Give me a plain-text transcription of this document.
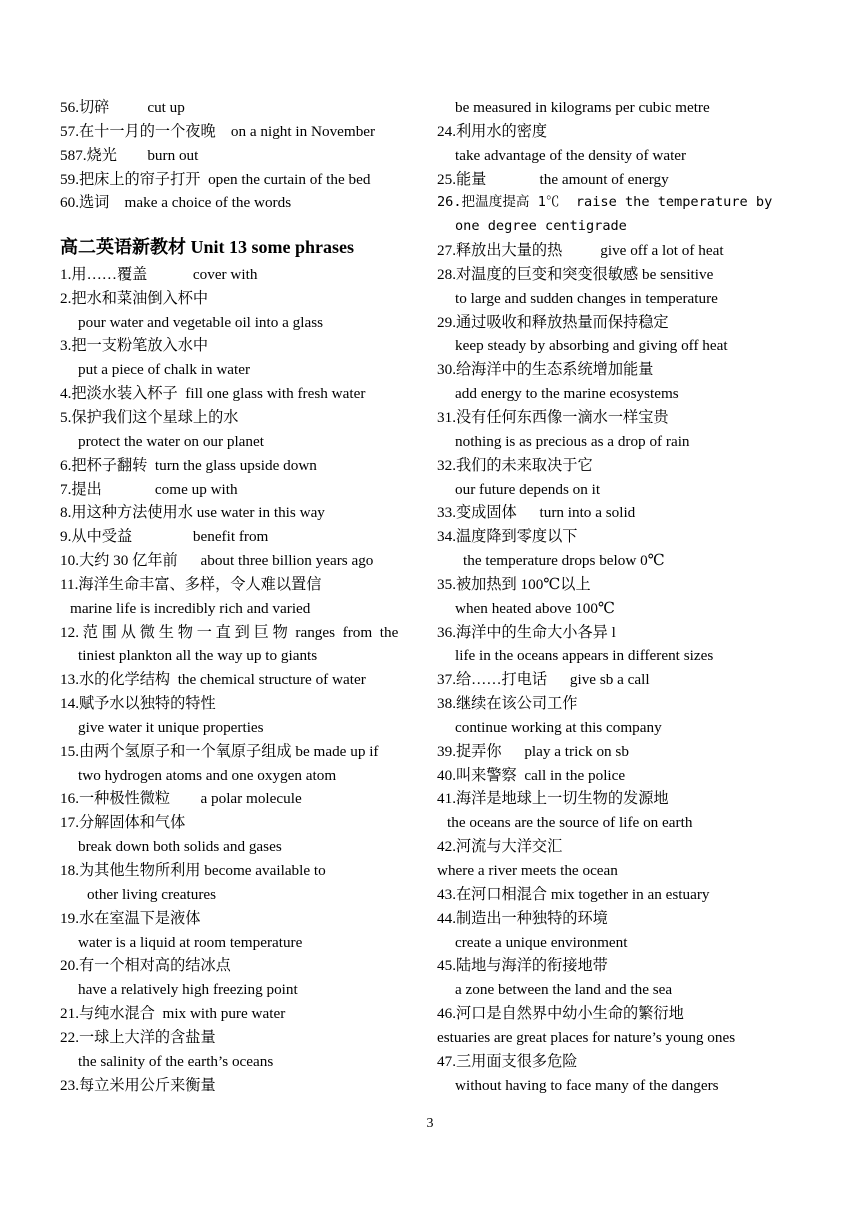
56.切碎          cut up
57.在十一月的一个夜晚    on a night in November
587.烧光        burn out
59.把床上的帘子打开  open the curtain of the bed
60.选词    make a choice of the words
高二英语新教材 Unit 13 some phrases
1.用……覆盖            cover with
2.把水和菜油倒入杯中
pour water and vegetable oil into a glass
3.把一支粉笔放入水中
put a piece of chalk in water
4.把淡水装入杯子  fill one glass with fresh water
5.保护我们这个星球上的水
protect the water on our planet
6.把杯子翻转  turn the glass upside down
7.提出              come up with
8.用这种方法使用水 use water in this way
9.从中受益                benefit from
10.大约 30 亿年前      about three billion years ago
11.海洋生命丰富、多样，令人难以置信
marine life is incredibly rich and varied
12. 范 围 从 微 生 物 一 直 到 巨 物  ranges  from  the
tiniest plankton all the way up to giants
13.水的化学结构  the chemical structure of water
14.赋予水以独特的特性
give water it unique properties
15.由两个氢原子和一个氧原子组成 be made up if
two hydrogen atoms and one oxygen atom
16.一种极性微粒        a polar molecule
17.分解固体和气体
break down both solids and gases
18.为其他生物所利用 become available to
other living creatures
19.水在室温下是液体
water is a liquid at room temperature
20.有一个相对高的结冰点
have a relatively high freezing point
21.与纯水混合  mix with pure water
22.一球上大洋的含盐量
the salinity of the earth’s oceans
23.每立米用公斤来衡量
be measured in kilograms per cubic metre
24.利用水的密度
take advantage of the density of water
25.能量              the amount of energy
26.把温度提高 1℃  raise the temperature by
one degree centigrade
27.释放出大量的热          give off a lot of heat
28.对温度的巨变和突变很敏感 be sensitive
to large and sudden changes in temperature
29.通过吸收和释放热量而保持稳定
keep steady by absorbing and giving off heat
30.给海洋中的生态系统增加能量
add energy to the marine ecosystems
31.没有任何东西像一滴水一样宝贵
nothing is as precious as a drop of rain
32.我们的未来取决于它
our future depends on it
33.变成固体      turn into a solid
34.温度降到零度以下
the temperature drops below 0℃
35.被加热到 100℃以上
when heated above 100℃
36.海洋中的生命大小各异 l
life in the oceans appears in different sizes
37.给……打电话      give sb a call
38.继续在该公司工作
continue working at this company
39.捉弄你      play a trick on sb
40.叫来警察  call in the police
41.海洋是地球上一切生物的发源地
the oceans are the source of life on earth
42.河流与大洋交汇
where a river meets the ocean
43.在河口相混合 mix together in an estuary
44.制造出一种独特的环境
create a unique environment
45.陆地与海洋的衔接地带
a zone between the land and the sea
46.河口是自然界中幼小生命的繁衍地
estuaries are great places for nature’s young ones
47.三用面支很多危险
without having to face many of the dangers
3
